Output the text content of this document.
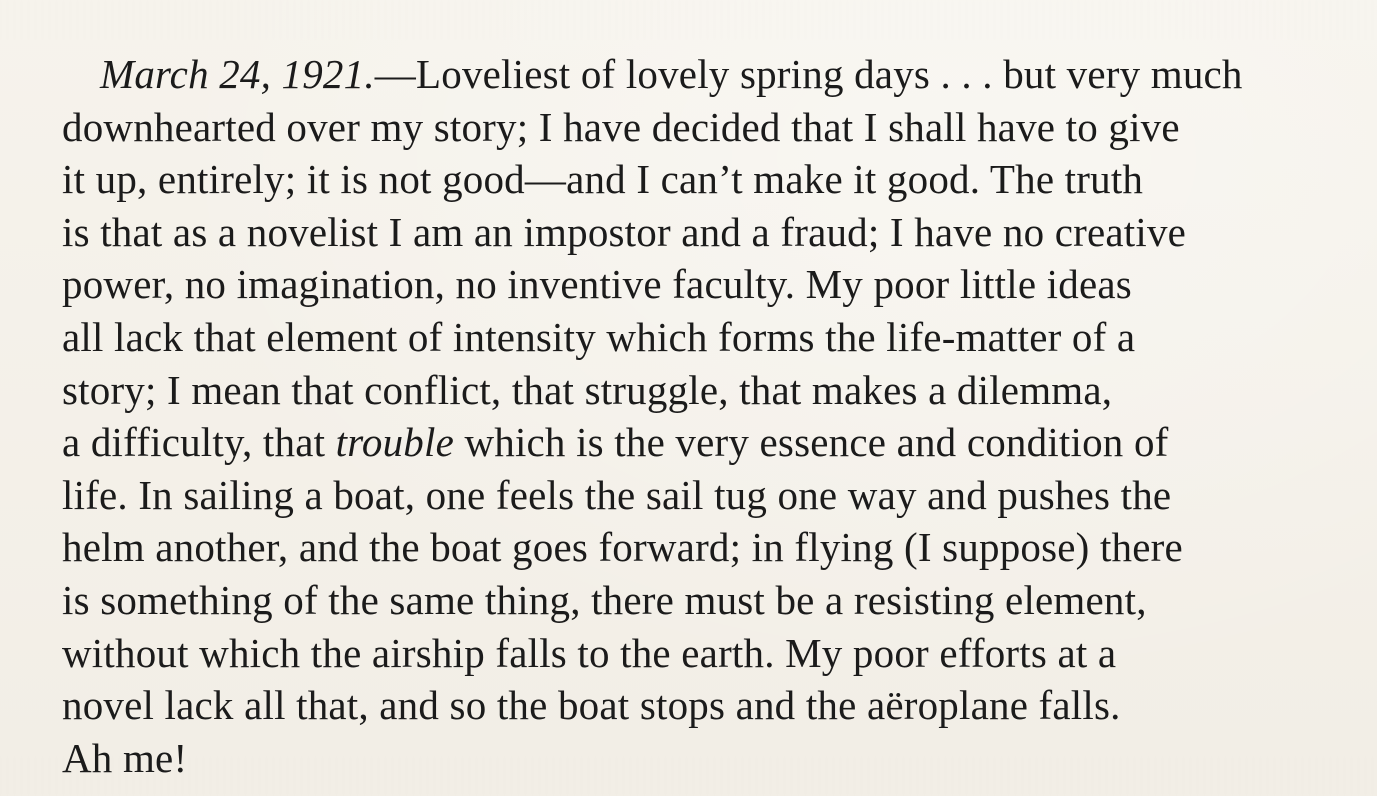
March 24, 1921.—Loveliest of lovely spring days . . . but very much
downhearted over my story; I have decided that I shall have to give
it up, entirely; it is not good—and I can’t make it good. The truth
is that as a novelist I am an impostor and a fraud; I have no creative
power, no imagination, no inventive faculty. My poor little ideas
all lack that element of intensity which forms the life-matter of a
story; I mean that conflict, that struggle, that makes a dilemma,
a difficulty, that trouble which is the very essence and condition of
life. In sailing a boat, one feels the sail tug one way and pushes the
helm another, and the boat goes forward; in flying (I suppose) there
is something of the same thing, there must be a resisting element,
without which the airship falls to the earth. My poor efforts at a
novel lack all that, and so the boat stops and the aëroplane falls.
Ah me!
